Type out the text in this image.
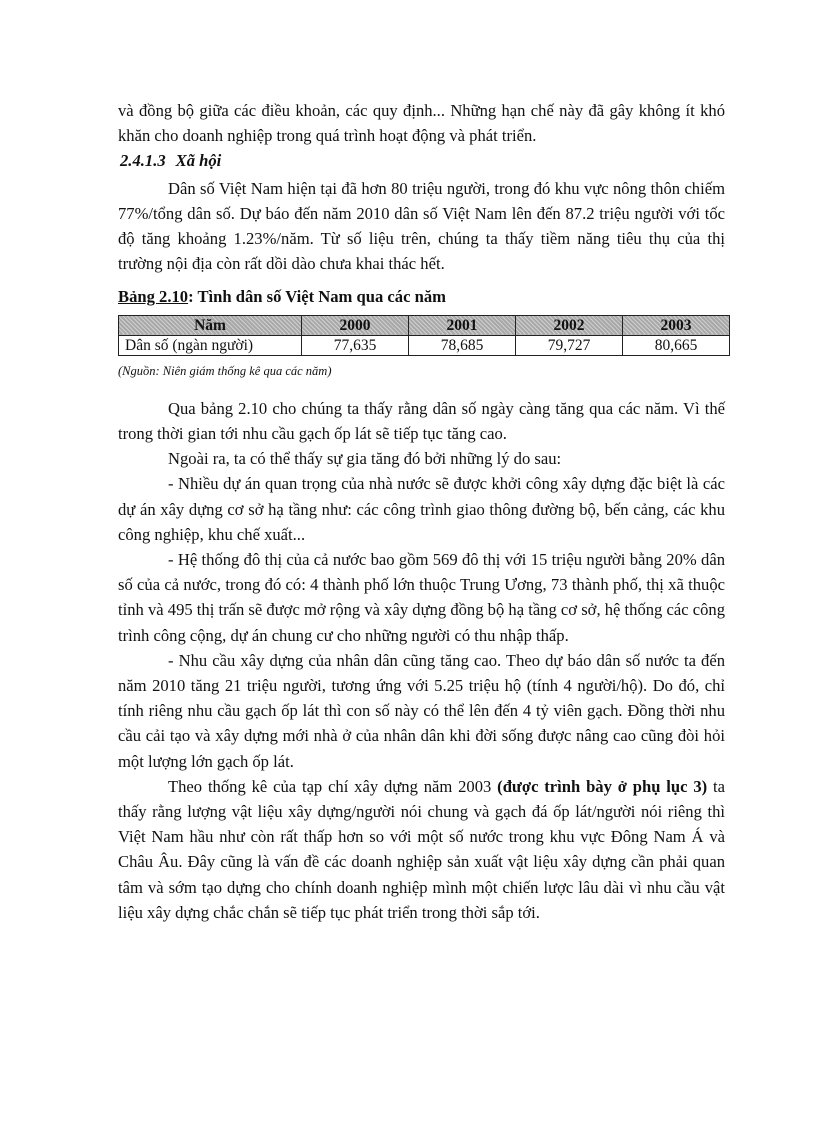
và đồng bộ giữa các điều khoản, các quy định... Những hạn chế này đã gây không ít khó khăn cho doanh nghiệp trong quá trình hoạt động và phát triển.

2.4.1.3 Xã hội

Dân số Việt Nam hiện tại đã hơn 80 triệu người, trong đó khu vực nông thôn chiếm 77%/tổng dân số. Dự báo đến năm 2010 dân số Việt Nam lên đến 87.2 triệu người với tốc độ tăng khoảng 1.23%/năm. Từ số liệu trên, chúng ta thấy tiềm năng tiêu thụ của thị trường nội địa còn rất dồi dào chưa khai thác hết.

Bảng 2.10: Tình dân số Việt Nam qua các năm
Năm	2000	2001	2002	2003
Dân số (ngàn người)	77,635	78,685	79,727	80,665
(Nguồn: Niên giám thống kê qua các năm)

Qua bảng 2.10 cho chúng ta thấy rằng dân số ngày càng tăng qua các năm. Vì thế trong thời gian tới nhu cầu gạch ốp lát sẽ tiếp tục tăng cao.

Ngoài ra, ta có thể thấy sự gia tăng đó bởi những lý do sau:

- Nhiều dự án quan trọng của nhà nước sẽ được khởi công xây dựng đặc biệt là các dự án xây dựng cơ sở hạ tầng như: các công trình giao thông đường bộ, bến cảng, các khu công nghiệp, khu chế xuất...

- Hệ thống đô thị của cả nước bao gồm 569 đô thị với 15 triệu người bằng 20% dân số của cả nước, trong đó có: 4 thành phố lớn thuộc Trung Ương, 73 thành phố, thị xã thuộc tỉnh và 495 thị trấn sẽ được mở rộng và xây dựng đồng bộ hạ tầng cơ sở, hệ thống các công trình công cộng, dự án chung cư cho những người có thu nhập thấp.

- Nhu cầu xây dựng của nhân dân cũng tăng cao. Theo dự báo dân số nước ta đến năm 2010 tăng 21 triệu người, tương ứng với 5.25 triệu hộ (tính 4 người/hộ). Do đó, chỉ tính riêng nhu cầu gạch ốp lát thì con số này có thể lên đến 4 tỷ viên gạch. Đồng thời nhu cầu cải tạo và xây dựng mới nhà ở của nhân dân khi đời sống được nâng cao cũng đòi hỏi một lượng lớn gạch ốp lát.

Theo thống kê của tạp chí xây dựng năm 2003 (được trình bày ở phụ lục 3) ta thấy rằng lượng vật liệu xây dựng/người nói chung và gạch đá ốp lát/người nói riêng thì Việt Nam hầu như còn rất thấp hơn so với một số nước trong khu vực Đông Nam Á và Châu Âu. Đây cũng là vấn đề các doanh nghiệp sản xuất vật liệu xây dựng cần phải quan tâm và sớm tạo dựng cho chính doanh nghiệp mình một chiến lược lâu dài vì nhu cầu vật liệu xây dựng chắc chắn sẽ tiếp tục phát triển trong thời sắp tới.
